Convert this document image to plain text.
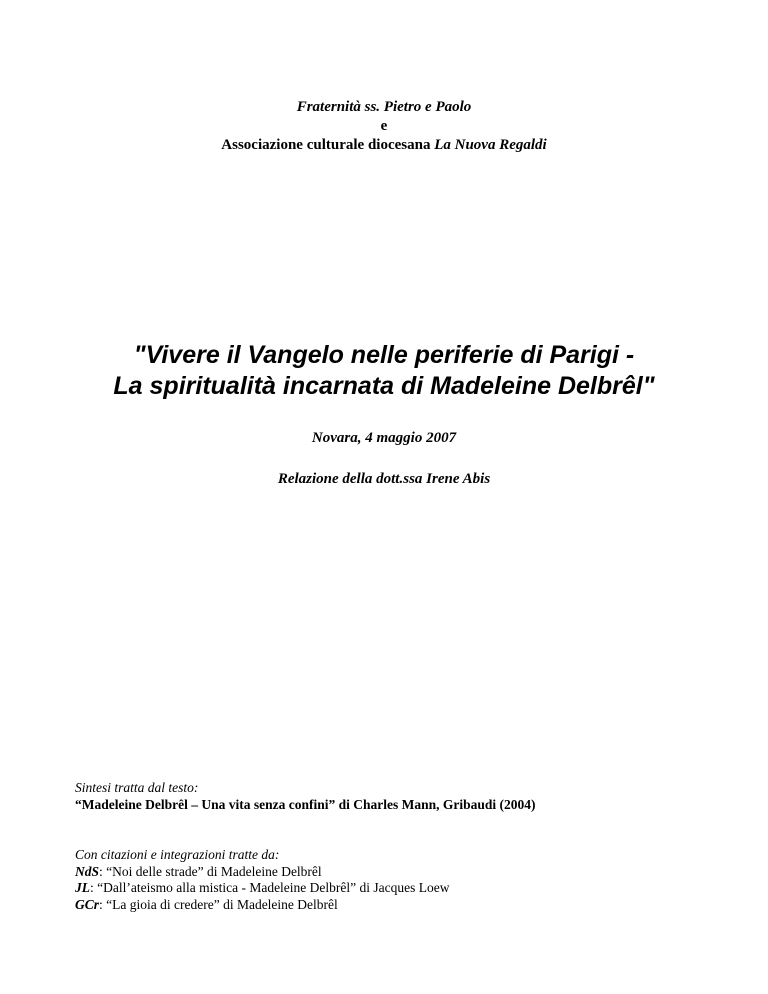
Fraternità ss. Pietro e Paolo
e
Associazione culturale diocesana La Nuova Regaldi
"Vivere il Vangelo nelle periferie di Parigi -
La spiritualità incarnata di Madeleine Delbrêl"
Novara, 4 maggio 2007
Relazione della dott.ssa Irene Abis
Sintesi tratta dal testo:
“Madeleine Delbrêl – Una vita senza confini” di Charles Mann, Gribaudi (2004)
Con citazioni e integrazioni tratte da:
NdS: “Noi delle strade” di Madeleine Delbrêl
JL: “Dall’ateismo alla mistica - Madeleine Delbrêl” di Jacques Loew
GCr: “La gioia di credere” di Madeleine Delbrêl
